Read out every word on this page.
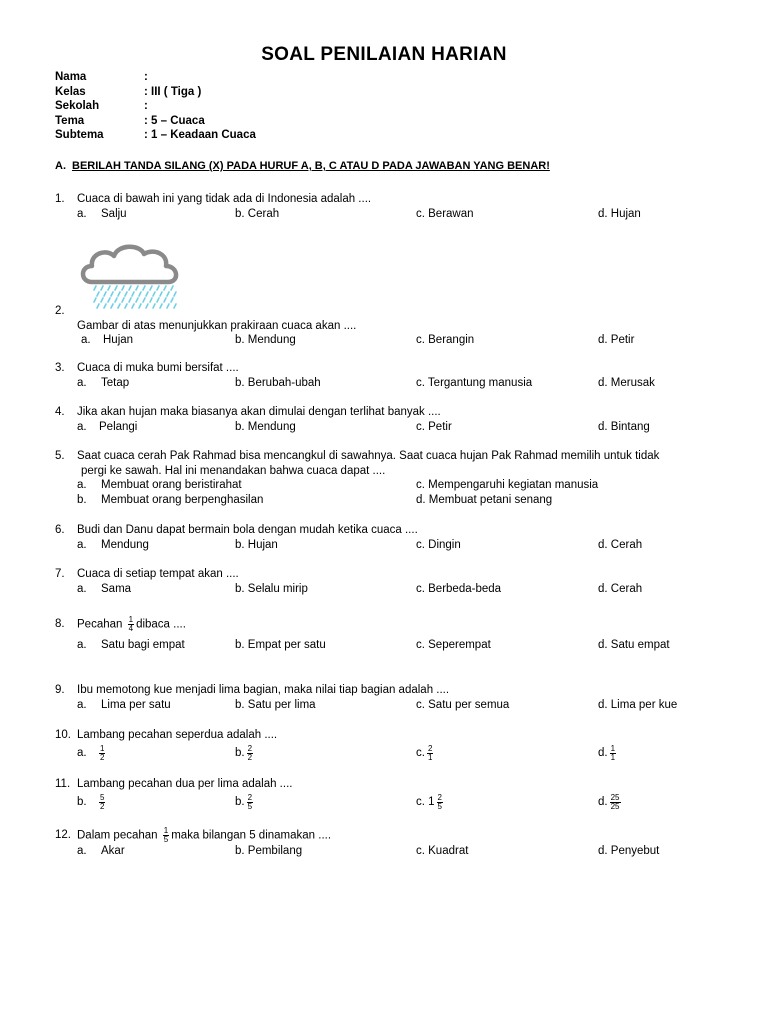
SOAL PENILAIAN HARIAN
Nama	:
Kelas	: III ( Tiga )
Sekolah	:
Tema	: 5 – Cuaca
Subtema	: 1 – Keadaan Cuaca
A. BERILAH TANDA SILANG (X) PADA HURUF A, B, C ATAU D PADA JAWABAN YANG BENAR!
1.	Cuaca di bawah ini yang tidak ada di Indonesia adalah ....
a. Salju	b. Cerah	c. Berawan	d. Hujan
2.
Gambar di atas menunjukkan prakiraan cuaca akan ....
a. Hujan	b. Mendung	c. Berangin	d. Petir
3.	Cuaca di muka bumi bersifat ....
a. Tetap	b. Berubah-ubah	c. Tergantung manusia	d. Merusak
4.	Jika akan hujan maka biasanya akan dimulai dengan terlihat banyak ....
a. Pelangi	b. Mendung	c. Petir	d. Bintang
5.	Saat cuaca cerah Pak Rahmad bisa mencangkul di sawahnya. Saat cuaca hujan Pak Rahmad memilih untuk tidak
pergi ke sawah. Hal ini menandakan bahwa cuaca dapat ....
a. Membuat orang beristirahat	c. Mempengaruhi kegiatan manusia
b. Membuat orang berpenghasilan	d. Membuat petani senang
6.	Budi dan Danu dapat bermain bola dengan mudah ketika cuaca ....
a. Mendung	b. Hujan	c. Dingin	d. Cerah
7.	Cuaca di setiap tempat akan ....
a. Sama	b. Selalu mirip	c. Berbeda-beda	d. Cerah
8.	Pecahan $\frac{1}{4}$ dibaca ....
a. Satu bagi empat	b. Empat per satu	c. Seperempat	d. Satu empat
9.	Ibu memotong kue menjadi lima bagian, maka nilai tiap bagian adalah ....
a. Lima per satu	b. Satu per lima	c. Satu per semua	d. Lima per kue
10. Lambang pecahan seperdua adalah ....
a. $\frac{1}{2}$	b. $\frac{2}{2}$	c. $\frac{2}{1}$	d. $\frac{1}{1}$
11. Lambang pecahan dua per lima adalah ....
b. $\frac{5}{2}$	b. $\frac{2}{5}$	c. $1 \frac{2}{5}$	d. $\frac{25}{25}$
12. Dalam pecahan $\frac{1}{5}$ maka bilangan 5 dinamakan ....
a. Akar	b. Pembilang	c. Kuadrat	d. Penyebut
